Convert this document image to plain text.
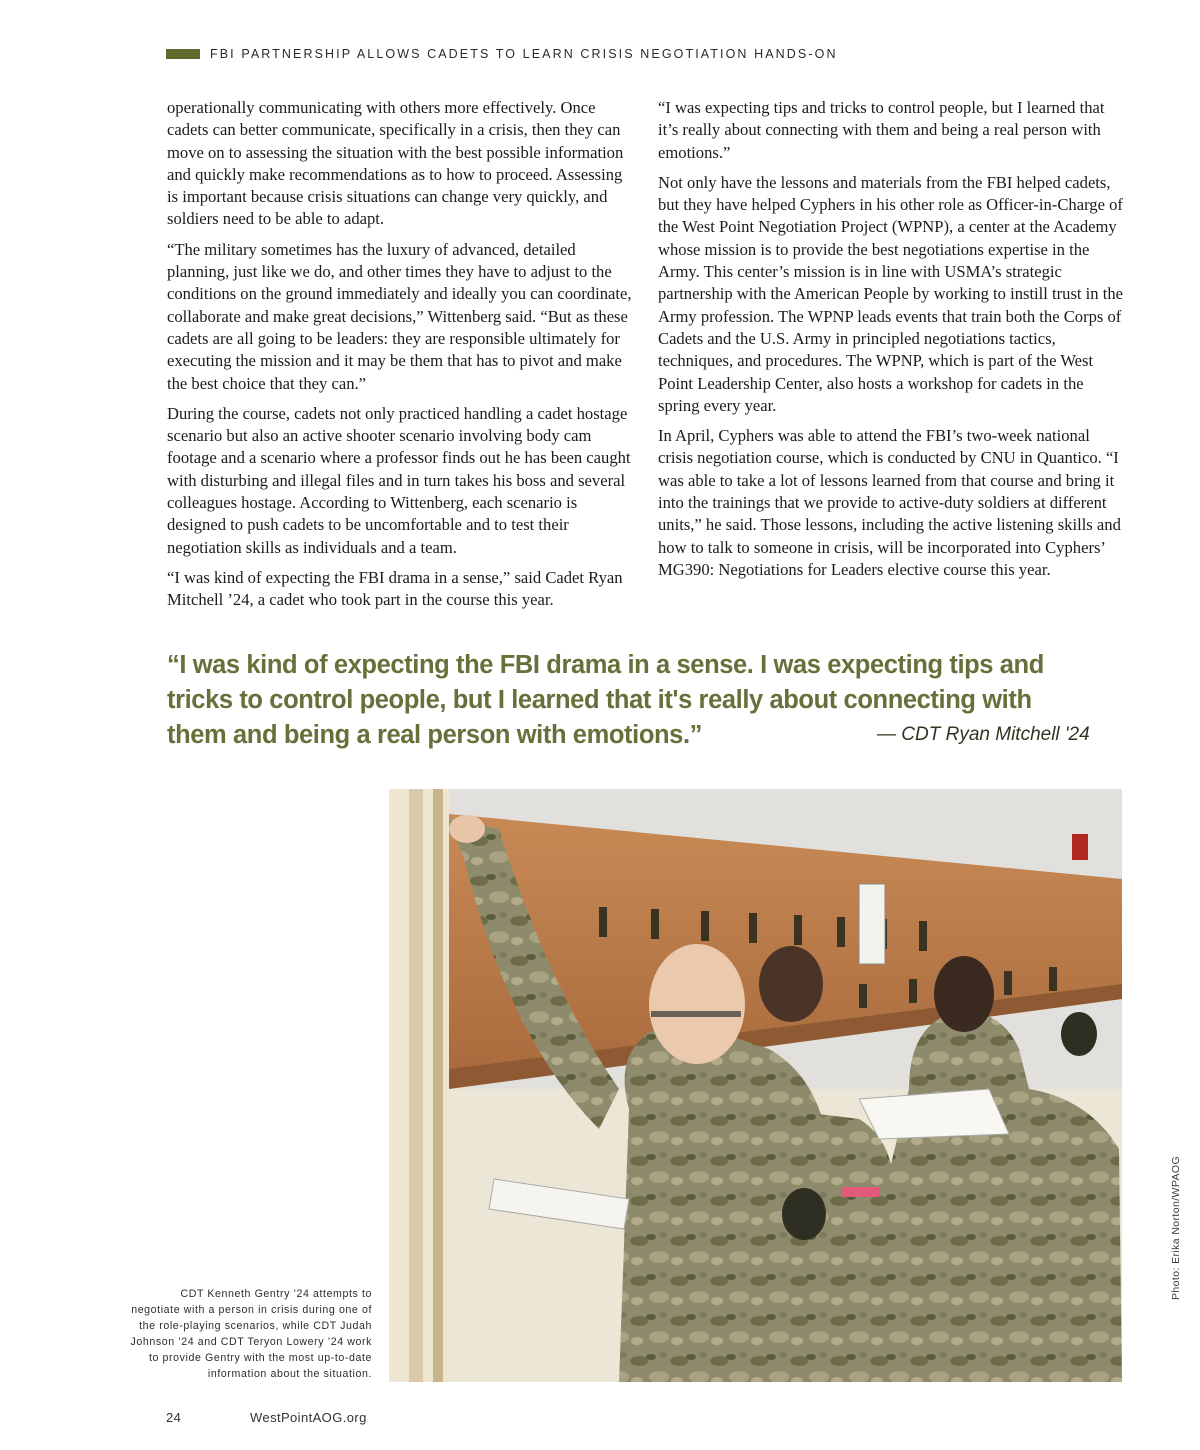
FBI PARTNERSHIP ALLOWS CADETS TO LEARN CRISIS NEGOTIATION HANDS-ON

operationally communicating with others more effectively. Once cadets can better communicate, specifically in a crisis, then they can move on to assessing the situation with the best possible information and quickly make recommendations as to how to proceed. Assessing is important because crisis situations can change very quickly, and soldiers need to be able to adapt.

“The military sometimes has the luxury of advanced, detailed planning, just like we do, and other times they have to adjust to the conditions on the ground immediately and ideally you can coordinate, collaborate and make great decisions,” Wittenberg said. “But as these cadets are all going to be leaders: they are responsible ultimately for executing the mission and it may be them that has to pivot and make the best choice that they can.”

During the course, cadets not only practiced handling a cadet hostage scenario but also an active shooter scenario involving body cam footage and a scenario where a professor finds out he has been caught with disturbing and illegal files and in turn takes his boss and several colleagues hostage. According to Wittenberg, each scenario is designed to push cadets to be uncomfortable and to test their negotiation skills as individuals and a team.

“I was kind of expecting the FBI drama in a sense,” said Cadet Ryan Mitchell ’24, a cadet who took part in the course this year.

“I was expecting tips and tricks to control people, but I learned that it’s really about connecting with them and being a real person with emotions.”

Not only have the lessons and materials from the FBI helped cadets, but they have helped Cyphers in his other role as Officer-in-Charge of the West Point Negotiation Project (WPNP), a center at the Academy whose mission is to provide the best negotiations expertise in the Army. This center’s mission is in line with USMA’s strategic partnership with the American People by working to instill trust in the Army profession. The WPNP leads events that train both the Corps of Cadets and the U.S. Army in principled negotiations tactics, techniques, and procedures. The WPNP, which is part of the West Point Leadership Center, also hosts a workshop for cadets in the spring every year.

In April, Cyphers was able to attend the FBI’s two-week national crisis negotiation course, which is conducted by CNU in Quantico. “I was able to take a lot of lessons learned from that course and bring it into the trainings that we provide to active-duty soldiers at different units,” he said. Those lessons, including the active listening skills and how to talk to someone in crisis, will be incorporated into Cyphers’ MG390: Negotiations for Leaders elective course this year.

“I was kind of expecting the FBI drama in a sense. I was expecting tips and tricks to control people, but I learned that it's really about connecting with them and being a real person with emotions.”	— CDT Ryan Mitchell '24
CDT Kenneth Gentry ’24 attempts to negotiate with a person in crisis during one of the role-playing scenarios, while CDT Judah Johnson ’24 and CDT Teryon Lowery ’24 work to provide Gentry with the most up-to-date information about the situation.
Photo: Erika Norton/WPAOG
24	WestPointAOG.org
